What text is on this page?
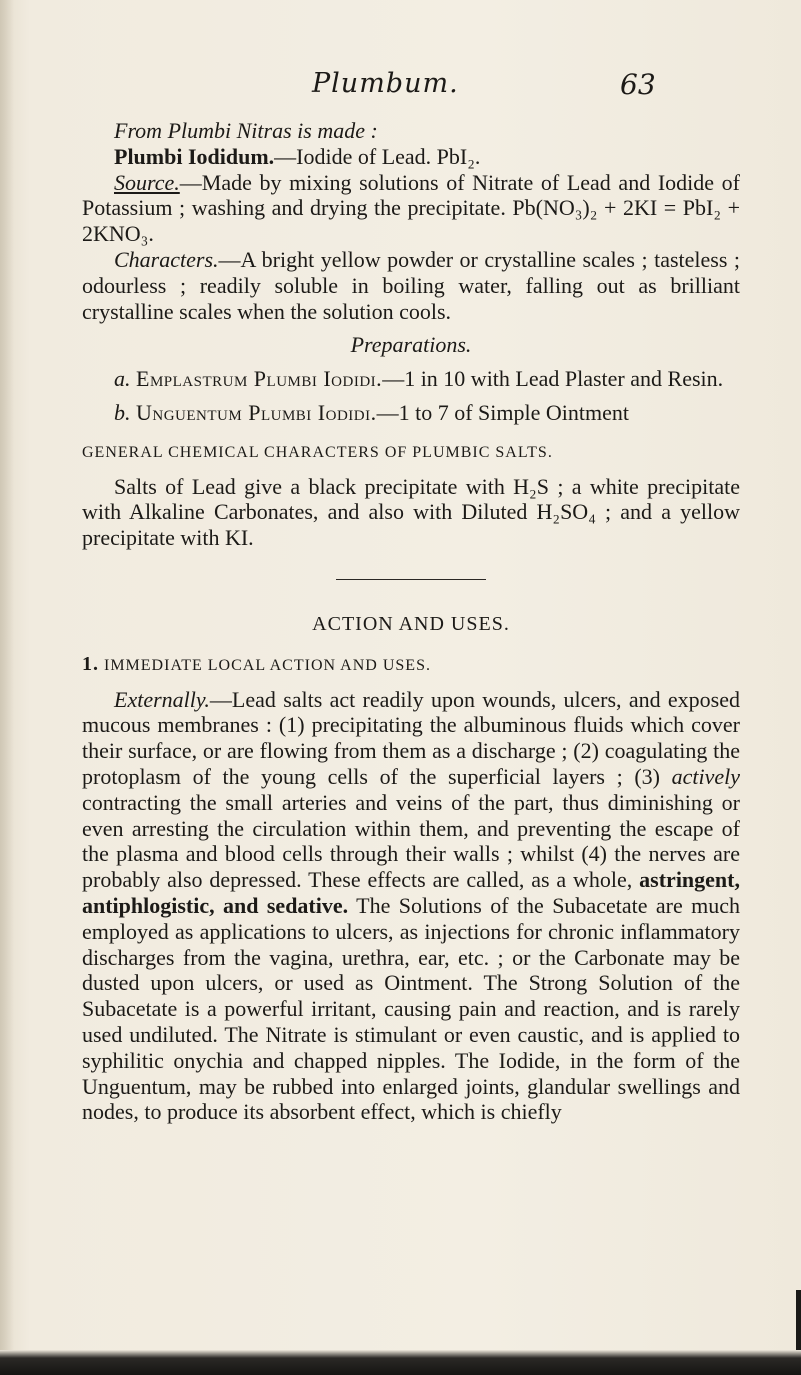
Plumbum.	63

From Plumbi Nitras is made :

Plumbi Iodidum.—Iodide of Lead. PbI₂.

Source.—Made by mixing solutions of Nitrate of Lead and Iodide of Potassium ; washing and drying the precipitate. Pb(NO₃)₂ + 2KI = PbI₂ + 2KNO₃.

Characters.—A bright yellow powder or crystalline scales ; tasteless ; odourless ; readily soluble in boiling water, falling out as brilliant crystalline scales when the solution cools.

Preparations.

a. Emplastrum Plumbi Iodidi.—1 in 10 with Lead Plaster and Resin.

b. Unguentum Plumbi Iodidi.—1 to 7 of Simple Ointment

GENERAL CHEMICAL CHARACTERS OF PLUMBIC SALTS.

Salts of Lead give a black precipitate with H₂S ; a white precipitate with Alkaline Carbonates, and also with Diluted H₂SO₄ ; and a yellow precipitate with KI.

ACTION AND USES.

1. IMMEDIATE LOCAL ACTION AND USES.

Externally.—Lead salts act readily upon wounds, ulcers, and exposed mucous membranes : (1) precipitating the albuminous fluids which cover their surface, or are flowing from them as a discharge ; (2) coagulating the protoplasm of the young cells of the superficial layers ; (3) actively contracting the small arteries and veins of the part, thus diminishing or even arresting the circulation within them, and preventing the escape of the plasma and blood cells through their walls ; whilst (4) the nerves are probably also depressed. These effects are called, as a whole, astringent, antiphlogistic, and sedative. The Solutions of the Subacetate are much employed as applications to ulcers, as injections for chronic inflammatory discharges from the vagina, urethra, ear, etc. ; or the Carbonate may be dusted upon ulcers, or used as Ointment. The Strong Solution of the Subacetate is a powerful irritant, causing pain and reaction, and is rarely used undiluted. The Nitrate is stimulant or even caustic, and is applied to syphilitic onychia and chapped nipples. The Iodide, in the form of the Unguentum, may be rubbed into enlarged joints, glandular swellings and nodes, to produce its absorbent effect, which is chiefly
